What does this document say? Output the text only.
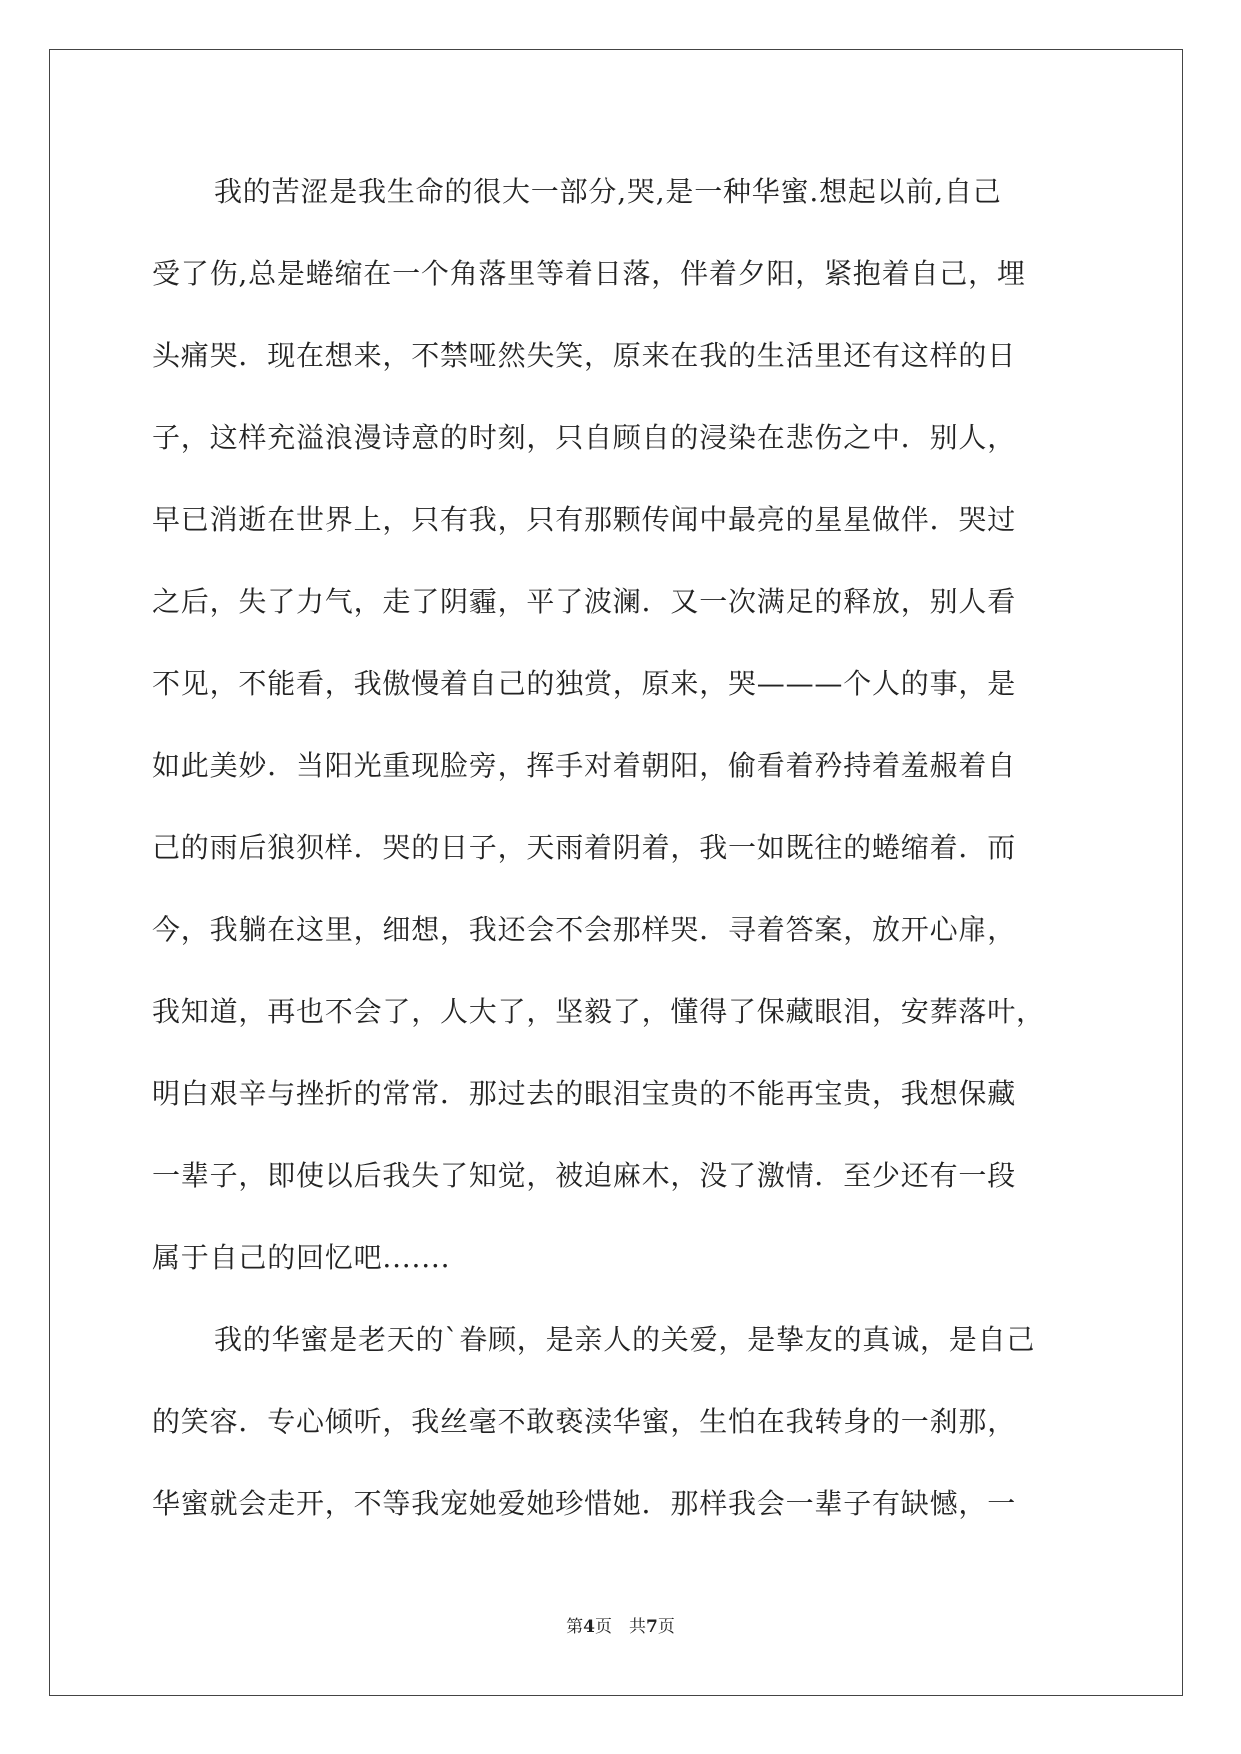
我的苦涩是我生命的很大一部分,哭,是一种华蜜.想起以前,自己
受了伤,总是蜷缩在一个角落里等着日落，伴着夕阳，紧抱着自己，埋
头痛哭．现在想来，不禁哑然失笑，原来在我的生活里还有这样的日
子，这样充溢浪漫诗意的时刻，只自顾自的浸染在悲伤之中．别人，
早已消逝在世界上，只有我，只有那颗传闻中最亮的星星做伴．哭过
之后，失了力气，走了阴霾，平了波澜．又一次满足的释放，别人看
不见，不能看，我傲慢着自己的独赏，原来，哭———个人的事，是
如此美妙．当阳光重现脸旁，挥手对着朝阳，偷看着矜持着羞赧着自
己的雨后狼狈样．哭的日子，天雨着阴着，我一如既往的蜷缩着．而
今，我躺在这里，细想，我还会不会那样哭．寻着答案，放开心扉，
我知道，再也不会了，人大了，坚毅了，懂得了保藏眼泪，安葬落叶，
明白艰辛与挫折的常常．那过去的眼泪宝贵的不能再宝贵，我想保藏
一辈子，即使以后我失了知觉，被迫麻木，没了激情．至少还有一段
属于自己的回忆吧.......
我的华蜜是老天的`眷顾，是亲人的关爱，是挚友的真诚，是自己
的笑容．专心倾听，我丝毫不敢亵渎华蜜，生怕在我转身的一刹那，
华蜜就会走开，不等我宠她爱她珍惜她．那样我会一辈子有缺憾，一
第4页　共7页
